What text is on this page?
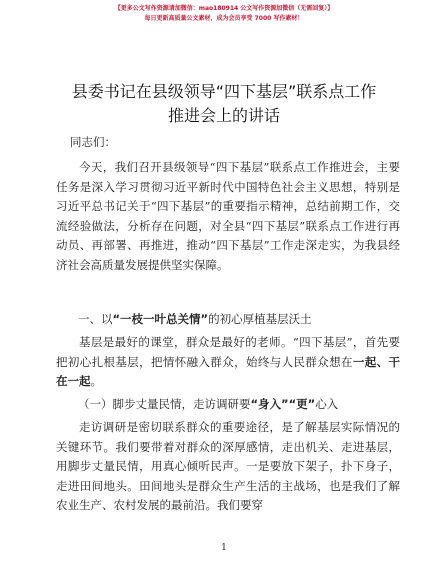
【更多公文写作资源请加微信：mao180914 公文写作资源加微信（无需回复）】
每日更新高质量公文素材，成为会员享受 7000 写作素材！
县委书记在县级领导“四下基层”联系点工作
推进会上的讲话
同志们：

今天，我们召开县级领导“四下基层”联系点工作推进会，主要任务是深入学习贯彻习近平新时代中国特色社会主义思想，特别是习近平总书记关于“四下基层”的重要指示精神，总结前期工作，交流经验做法，分析存在问题，对全县“四下基层”联系点工作进行再动员、再部署、再推进，推动“四下基层”工作走深走实，为我县经济社会高质量发展提供坚实保障。

一、以“一枝一叶总关情”的初心厚植基层沃土

基层是最好的课堂，群众是最好的老师。“四下基层”，首先要把初心扎根基层，把情怀融入群众，始终与人民群众想在一起、干在一起。

（一）脚步丈量民情，走访调研要“身入”“更”心入

走访调研是密切联系群众的重要途径，是了解基层实际情况的关键环节。我们要带着对群众的深厚感情，走出机关、走进基层，用脚步丈量民情，用真心倾听民声。一是要放下架子，扑下身子，走进田间地头。田间地头是群众生产生活的主战场，也是我们了解农业生产、农村发展的最前沿。我们要穿

1
